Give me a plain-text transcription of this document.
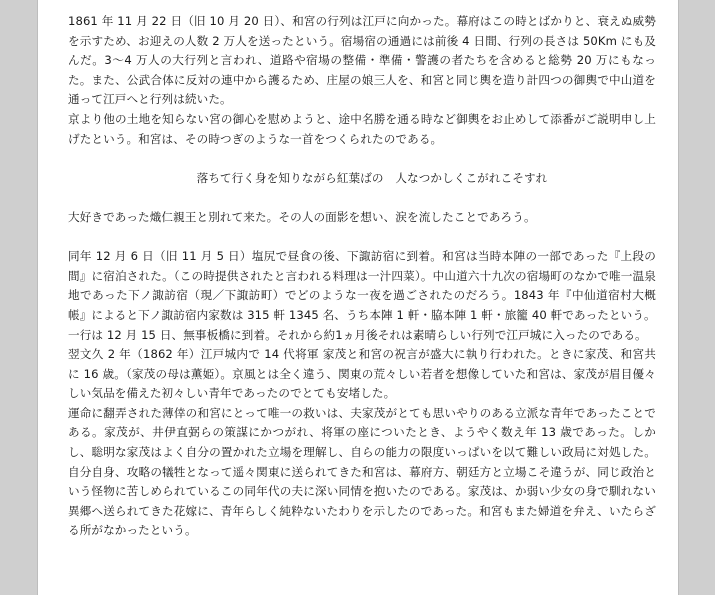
1861 年 11 月 22 日（旧 10 月 20 日）、和宮の行列は江戸に向かった。幕府はこの時とばかりと、衰えぬ威勢を示すため、お迎えの人数 2 万人を送ったという。宿場宿の通過には前後 4 日間、行列の長さは 50Km にも及んだ。3～4 万人の大行列と言われ、道路や宿場の整備・準備・警護の者たちを含めると総勢 20 万にもなった。また、公武合体に反対の連中から護るため、庄屋の娘三人を、和宮と同じ輿を造り計四つの御輿で中山道を通って江戸へと行列は続いた。

京より他の土地を知らない宮の御心を慰めようと、途中名勝を通る時など御輿をお止めして添番がご説明申し上げたという。和宮は、その時つぎのような一首をつくられたのである。

落ちて行く身を知りながら紅葉ばの　人なつかしくこがれこそすれ

大好きであった熾仁親王と別れて来た。その人の面影を想い、涙を流したことであろう。

同年 12 月 6 日（旧 11 月 5 日）塩尻で昼食の後、下諏訪宿に到着。和宮は当時本陣の一部であった『上段の間』に宿泊された。（この時提供されたと言われる料理は一汁四菜）。中山道六十九次の宿場町のなかで唯一温泉地であった下ノ諏訪宿（現／下諏訪町）でどのような一夜を過ごされたのだろう。1843 年『中仙道宿村大概帳』によると下ノ諏訪宿内家数は 315 軒 1345 名、うち本陣 1 軒・脇本陣 1 軒・旅籠 40 軒であったという。

一行は 12 月 15 日、無事板橋に到着。それから約1ヵ月後それは素晴らしい行列で江戸城に入ったのである。

翌文久 2 年（1862 年）江戸城内で 14 代将軍 家茂と和宮の祝言が盛大に執り行われた。ときに家茂、和宮共に 16 歳。（家茂の母は薫姫）。京風とは全く違う、関東の荒々しい若者を想像していた和宮は、家茂が眉目優々しい気品を備えた初々しい青年であったのでとても安堵した。

運命に翻弄された薄倖の和宮にとって唯一の救いは、夫家茂がとても思いやりのある立派な青年であったことである。家茂が、井伊直弼らの策謀にかつがれ、将軍の座についたとき、ようやく数え年 13 歳であった。しかし、聡明な家茂はよく自分の置かれた立場を理解し、自らの能力の限度いっぱいを以て難しい政局に対処した。自分自身、攻略の犠牲となって遥々関東に送られてきた和宮は、幕府方、朝廷方と立場こそ違うが、同じ政治という怪物に苦しめられているこの同年代の夫に深い同情を抱いたのである。家茂は、か弱い少女の身で馴れない異郷へ送られてきた花嫁に、青年らしく純粋ないたわりを示したのであった。和宮もまた婦道を弁え、いたらざる所がなかったという。
